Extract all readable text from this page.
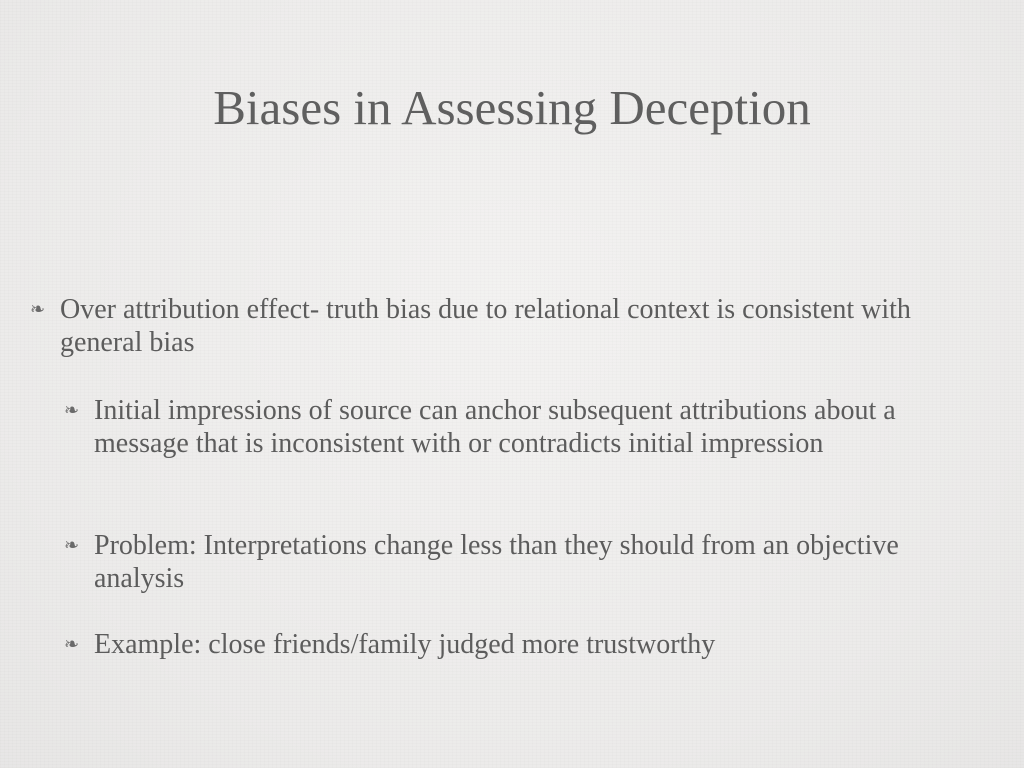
Biases in Assessing Deception
❧ Over attribution effect- truth bias due to relational context is consistent with general bias
❧ Initial impressions of source can anchor subsequent attributions about a message that is inconsistent with or contradicts initial impression
❧ Problem: Interpretations change less than they should from an objective analysis
❧ Example: close friends/family judged more trustworthy
